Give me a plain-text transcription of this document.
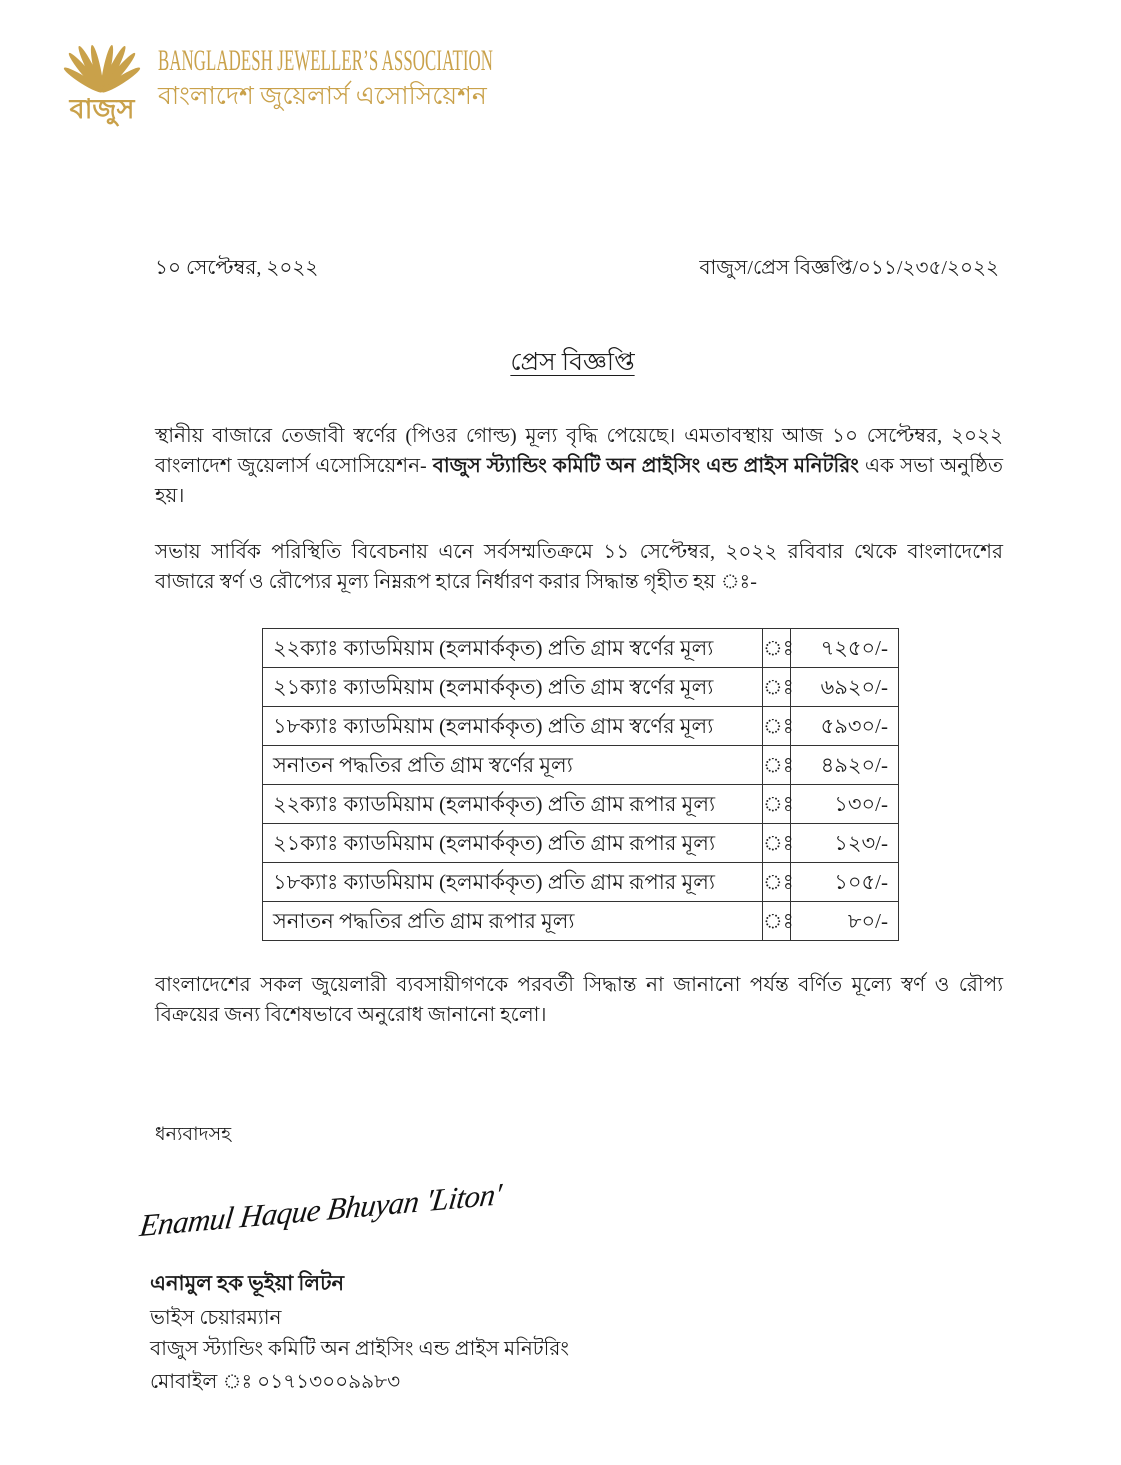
বাজুস
BANGLADESH JEWELLER’S ASSOCIATION
বাংলাদেশ জুয়েলার্স এসোসিয়েশন
১০ সেপ্টেম্বর, ২০২২	বাজুস/প্রেস বিজ্ঞপ্তি/০১১/২৩৫/২০২২
প্রেস বিজ্ঞপ্তি
স্থানীয় বাজারে তেজাবী স্বর্ণের (পিওর গোল্ড) মূল্য বৃদ্ধি পেয়েছে। এমতাবস্থায় আজ ১০ সেপ্টেম্বর, ২০২২ বাংলাদেশ জুয়েলার্স এসোসিয়েশন- বাজুস স্ট্যান্ডিং কমিটি অন প্রাইসিং এন্ড প্রাইস মনিটরিং এক সভা অনুষ্ঠিত হয়।
সভায় সার্বিক পরিস্থিতি বিবেচনায় এনে সর্বসম্মতিক্রমে ১১ সেপ্টেম্বর, ২০২২ রবিবার থেকে বাংলাদেশের বাজারে স্বর্ণ ও রৌপ্যের মূল্য নিম্নরূপ হারে নির্ধারণ করার সিদ্ধান্ত গৃহীত হয় ঃ-
২২ক্যাঃ ক্যাডমিয়াম (হলমার্ককৃত) প্রতি গ্রাম স্বর্ণের মূল্য	ঃ	৭২৫০/-
২১ক্যাঃ ক্যাডমিয়াম (হলমার্ককৃত) প্রতি গ্রাম স্বর্ণের মূল্য	ঃ	৬৯২০/-
১৮ক্যাঃ ক্যাডমিয়াম (হলমার্ককৃত) প্রতি গ্রাম স্বর্ণের মূল্য	ঃ	৫৯৩০/-
সনাতন পদ্ধতির প্রতি গ্রাম স্বর্ণের মূল্য	ঃ	৪৯২০/-
২২ক্যাঃ ক্যাডমিয়াম (হলমার্ককৃত) প্রতি গ্রাম রূপার মূল্য	ঃ	১৩০/-
২১ক্যাঃ ক্যাডমিয়াম (হলমার্ককৃত) প্রতি গ্রাম রূপার মূল্য	ঃ	১২৩/-
১৮ক্যাঃ ক্যাডমিয়াম (হলমার্ককৃত) প্রতি গ্রাম রূপার মূল্য	ঃ	১০৫/-
সনাতন পদ্ধতির প্রতি গ্রাম রূপার মূল্য	ঃ	৮০/-
বাংলাদেশের সকল জুয়েলারী ব্যবসায়ীগণকে পরবর্তী সিদ্ধান্ত না জানানো পর্যন্ত বর্ণিত মূল্যে স্বর্ণ ও রৌপ্য বিক্রয়ের জন্য বিশেষভাবে অনুরোধ জানানো হলো।
ধন্যবাদসহ
Enamul Haque Bhuyan 'Liton'
এনামুল হক ভূইয়া লিটন
ভাইস চেয়ারম্যান
বাজুস স্ট্যান্ডিং কমিটি অন প্রাইসিং এন্ড প্রাইস মনিটরিং
মোবাইল ঃ ০১৭১৩০০৯৯৮৩
